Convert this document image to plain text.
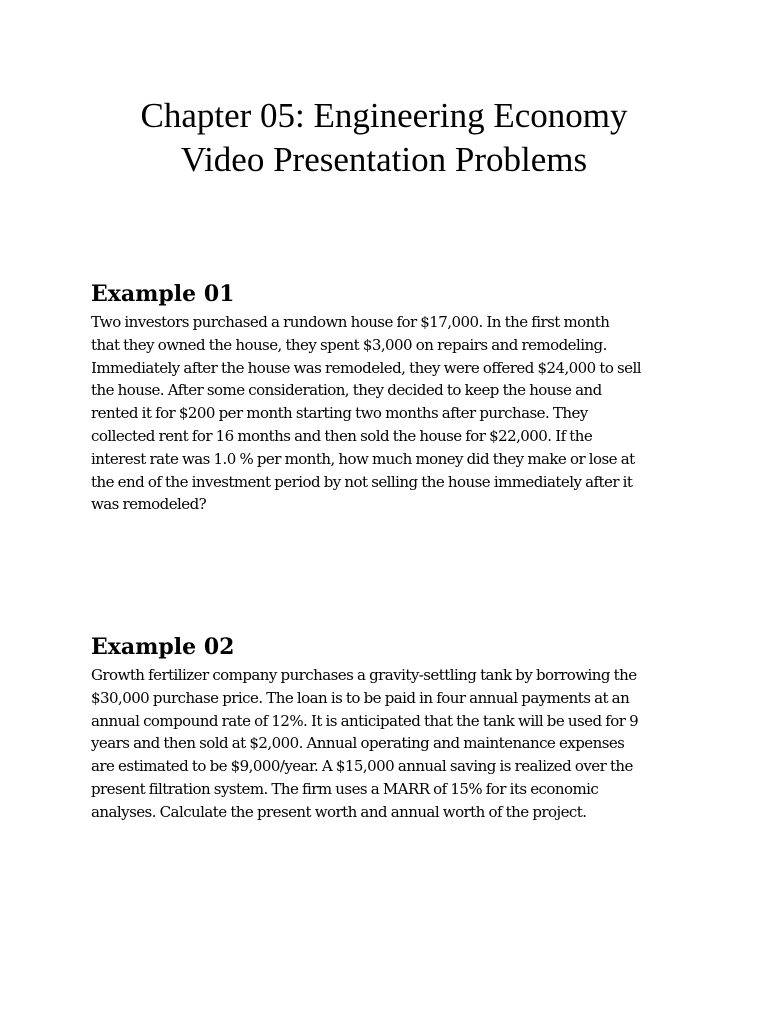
Chapter 05: Engineering Economy
Video Presentation Problems
Example 01

Two investors purchased a rundown house for $17,000. In the first month
that they owned the house, they spent $3,000 on repairs and remodeling.
Immediately after the house was remodeled, they were offered $24,000 to sell
the house. After some consideration, they decided to keep the house and
rented it for $200 per month starting two months after purchase. They
collected rent for 16 months and then sold the house for $22,000. If the
interest rate was 1.0 % per month, how much money did they make or lose at
the end of the investment period by not selling the house immediately after it
was remodeled?

Example 02

Growth fertilizer company purchases a gravity-settling tank by borrowing the
$30,000 purchase price. The loan is to be paid in four annual payments at an
annual compound rate of 12%. It is anticipated that the tank will be used for 9
years and then sold at $2,000. Annual operating and maintenance expenses
are estimated to be $9,000/year. A $15,000 annual saving is realized over the
present filtration system. The firm uses a MARR of 15% for its economic
analyses. Calculate the present worth and annual worth of the project.
